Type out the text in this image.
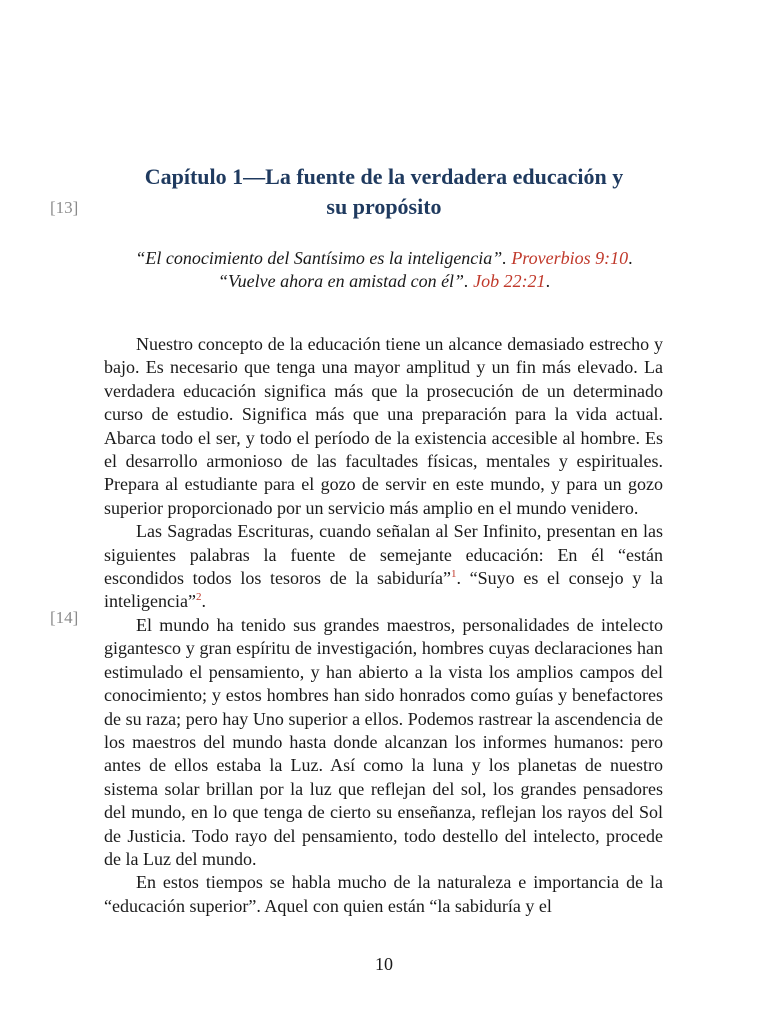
[13]
Capítulo 1—La fuente de la verdadera educación y
su propósito

“El conocimiento del Santísimo es la inteligencia”. Proverbios 9:10.

“Vuelve ahora en amistad con él”. Job 22:21.

Nuestro concepto de la educación tiene un alcance demasiado estrecho y bajo. Es necesario que tenga una mayor amplitud y un fin más elevado. La verdadera educación significa más que la prosecución de un determinado curso de estudio. Significa más que una preparación para la vida actual. Abarca todo el ser, y todo el período de la existencia accesible al hombre. Es el desarrollo armonioso de las facultades físicas, mentales y espirituales. Prepara al estudiante para el gozo de servir en este mundo, y para un gozo superior proporcionado por un servicio más amplio en el mundo venidero.

Las Sagradas Escrituras, cuando señalan al Ser Infinito, presentan en las siguientes palabras la fuente de semejante educación: En él “están escondidos todos los tesoros de la sabiduría”$^1$. “Suyo es el consejo y la inteligencia”$^2$.

El mundo ha tenido sus grandes maestros, personalidades de intelecto gigantesco y gran espíritu de investigación, hombres cuyas declaraciones han estimulado el pensamiento, y han abierto a la vista los amplios campos del conocimiento; y estos hombres han sido honrados como guías y benefactores de su raza; pero hay Uno superior a ellos. Podemos rastrear la ascendencia de los maestros del mundo hasta donde alcanzan los informes humanos: pero antes de ellos estaba la Luz. Así como la luna y los planetas de nuestro sistema solar brillan por la luz que reflejan del sol, los grandes pensadores del mundo, en lo que tenga de cierto su enseñanza, reflejan los rayos del Sol de Justicia. Todo rayo del pensamiento, todo destello del intelecto, procede de la Luz del mundo.

En estos tiempos se habla mucho de la naturaleza e importancia de la “educación superior”. Aquel con quien están “la sabiduría y el

[14]
10
